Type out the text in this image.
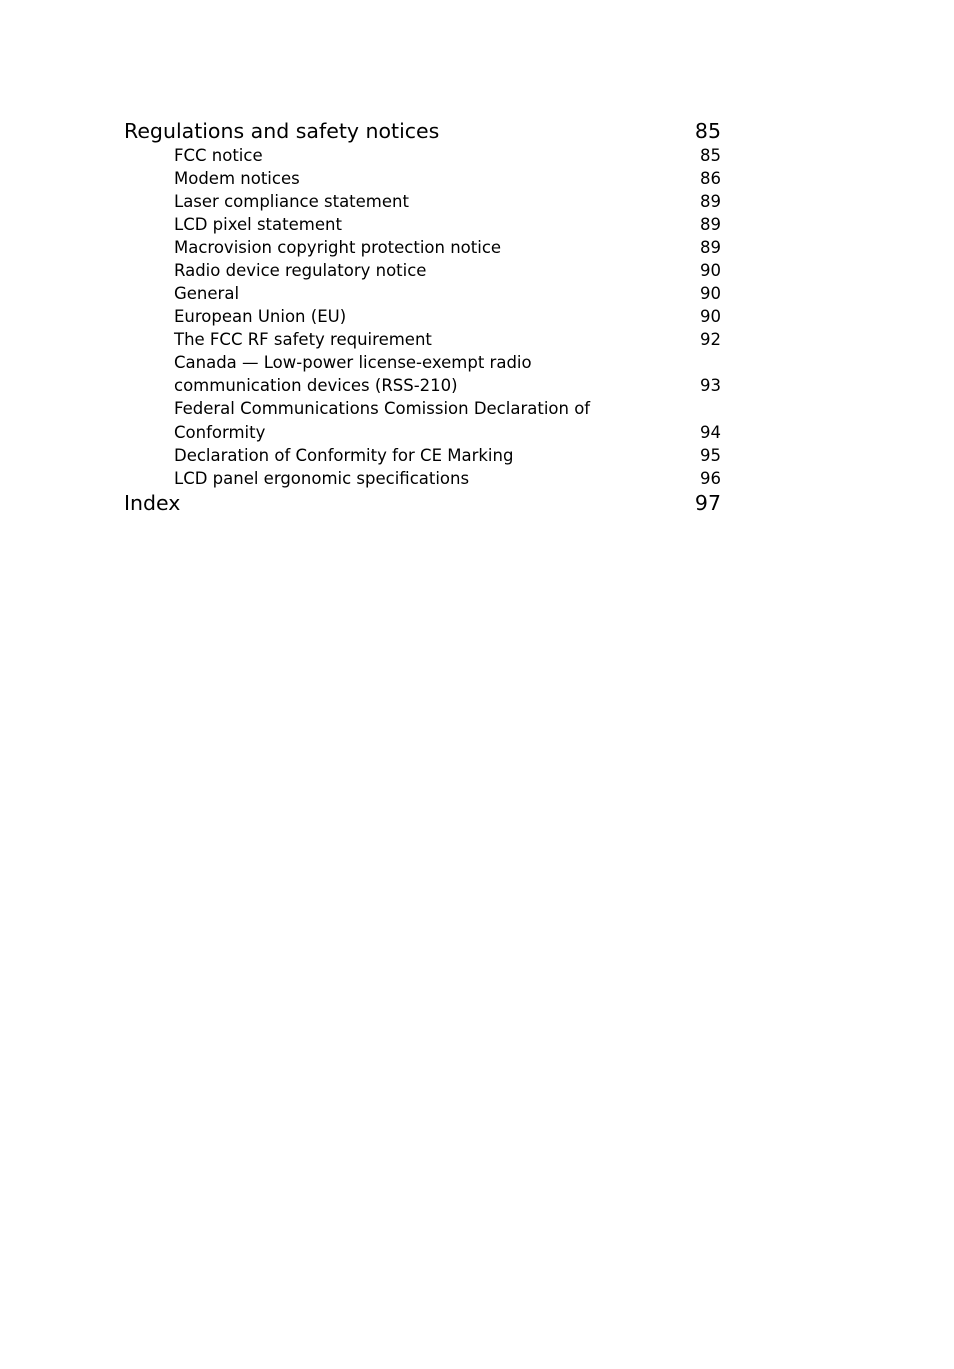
Regulations and safety notices	85
FCC notice	85
Modem notices	86
Laser compliance statement	89
LCD pixel statement	89
Macrovision copyright protection notice	89
Radio device regulatory notice	90
General	90
European Union (EU)	90
The FCC RF safety requirement	92
Canada — Low-power license-exempt radio communication devices (RSS-210)	93
Federal Communications Comission Declaration of Conformity	94
Declaration of Conformity for CE Marking	95
LCD panel ergonomic specifications	96
Index	97
